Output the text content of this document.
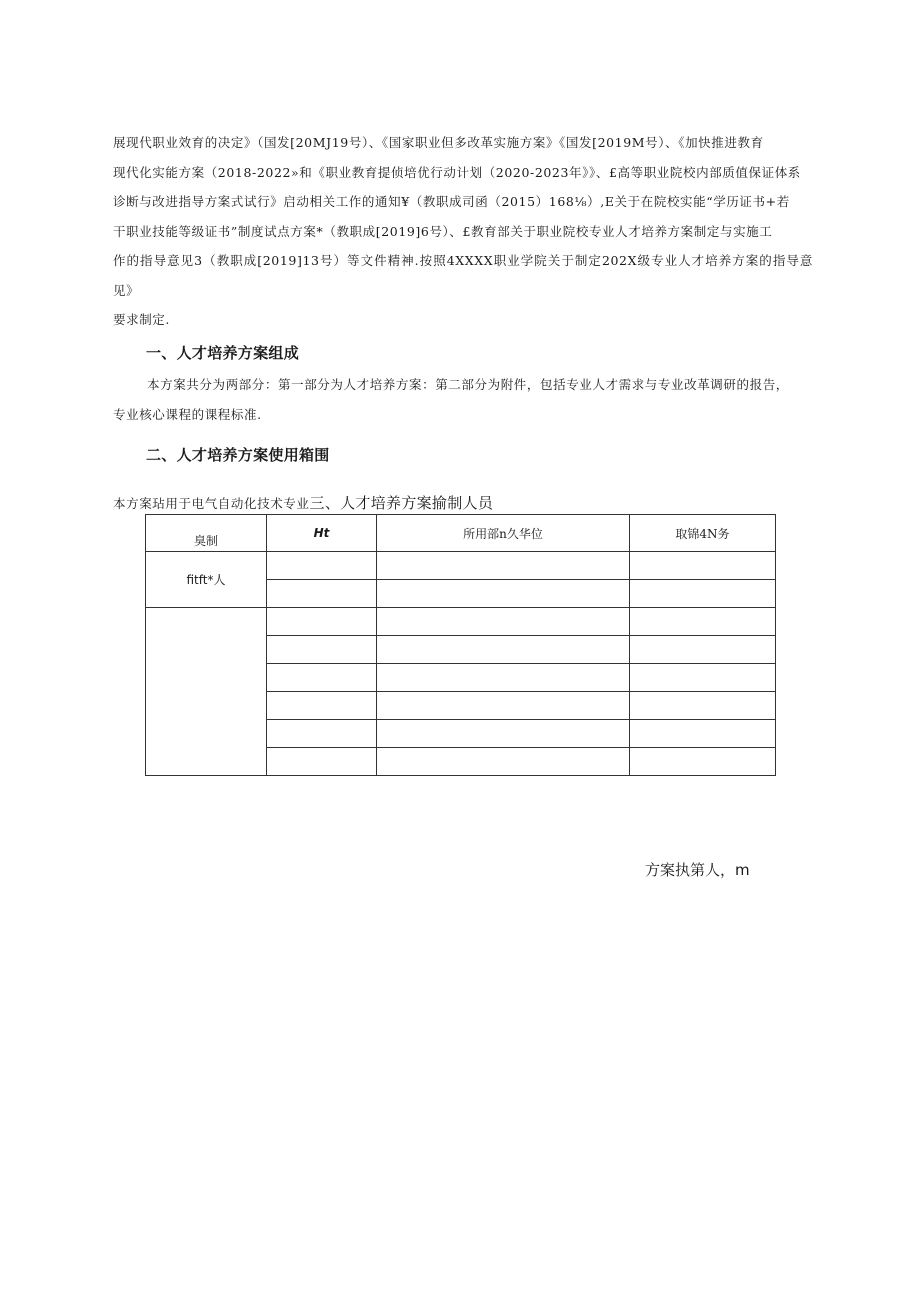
展现代职业效育的决定》（国发[20MJ19号）、《国家职业但多改革实施方案》《国发[2019M号）、《加快推进教育

现代化实能方案（2018-2022»和《职业教育提侦培优行动计划（2020-2023年》》、£高等职业院校内部质值保证体系

诊断与改进指导方案式试行》启动相关工作的通知¥（教职成司函（2015）168⅛）,E关于在院校实能“学历证书+若

干职业技能等级证书”制度试点方案*（教职成[2019]6号）、£教育部关于职业院校专业人才培养方案制定与实施工

作的指导意见3（教职成[2019]13号）等文件精神.按照4XXXX职业学院关于制定202X级专业人才培养方案的指导意见》

要求制定.

一、人才培养方案组成

本方案共分为两部分：第一部分为人才培养方案：第二部分为附件，包括专业人才需求与专业改革调研的报告，

专业核心课程的课程标准.

二、人才培养方案使用箱围

本方案玷用于电气自动化技术专业三、人才培养方案揄制人员

臭制	Ht	所用部n久华位	取锦4N务
fitft*人			

方案执第人，m
